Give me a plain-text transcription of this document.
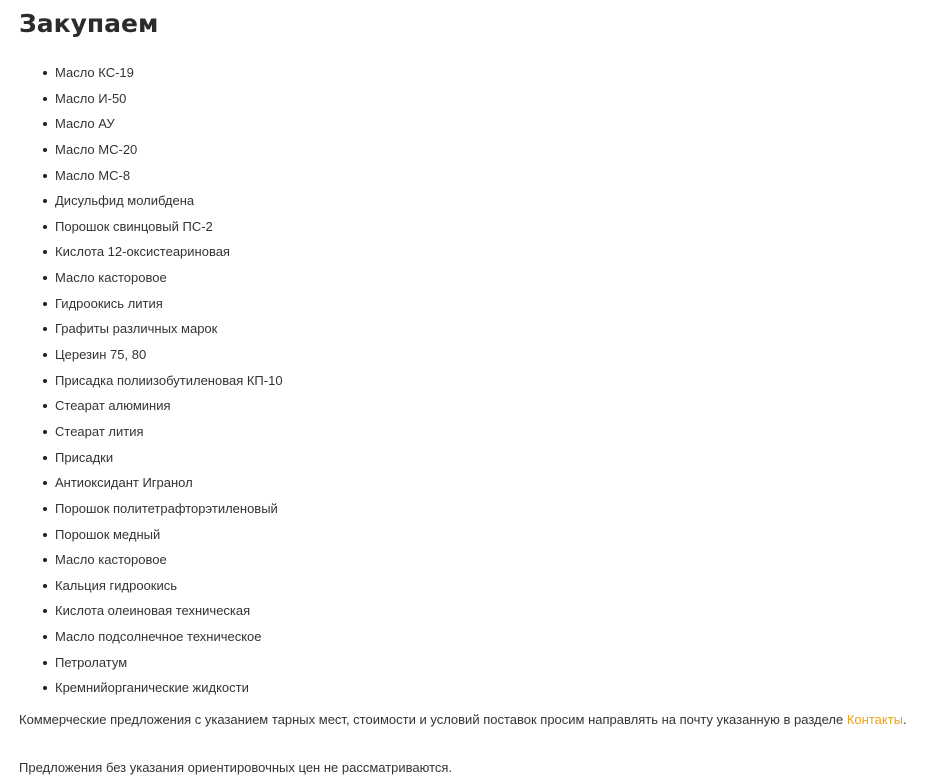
Закупаем
Масло КС-19
Масло И-50
Масло АУ
Масло МС-20
Масло МС-8
Дисульфид молибдена
Порошок свинцовый ПС-2
Кислота 12-оксистеариновая
Масло касторовое
Гидроокись лития
Графиты различных марок
Церезин 75, 80
Присадка полиизобутиленовая КП-10
Стеарат алюминия
Стеарат лития
Присадки
Антиоксидант Игранол
Порошок политетрафторэтиленовый
Порошок медный
Масло касторовое
Кальция гидроокись
Кислота олеиновая техническая
Масло подсолнечное техническое
Петролатум
Кремнийорганические жидкости

Коммерческие предложения с указанием тарных мест, стоимости и условий поставок просим направлять на почту указанную в разделе Контакты.

Предложения без указания ориентировочных цен не рассматриваются.
